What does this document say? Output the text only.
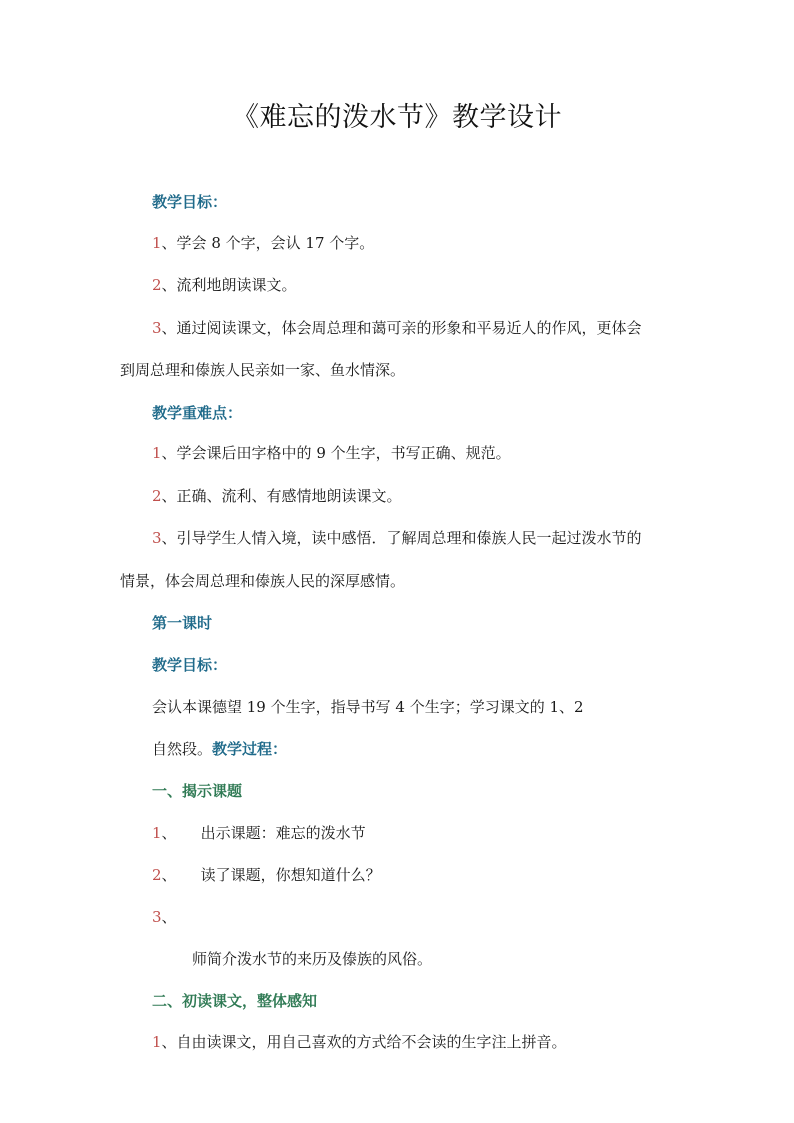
《难忘的泼水节》教学设计
教学目标：
1、学会 8 个字，会认 17 个字。
2、流利地朗读课文。
3、通过阅读课文，体会周总理和蔼可亲的形象和平易近人的作风，更体会
到周总理和傣族人民亲如一家、鱼水情深。
教学重难点：
1、学会课后田字格中的 9 个生字，书写正确、规范。
2、正确、流利、有感情地朗读课文。
3、引导学生人情入境，读中感悟．了解周总理和傣族人民一起过泼水节的
情景，体会周总理和傣族人民的深厚感情。
第一课时
教学目标：
会认本课德望 19 个生字，指导书写 4 个生字；学习课文的 1、2
自然段。教学过程：
一、揭示课题
1、 出示课题：难忘的泼水节
2、 读了课题，你想知道什么？
3、
师简介泼水节的来历及傣族的风俗。
二、初读课文，整体感知
1、自由读课文，用自己喜欢的方式给不会读的生字注上拼音。
